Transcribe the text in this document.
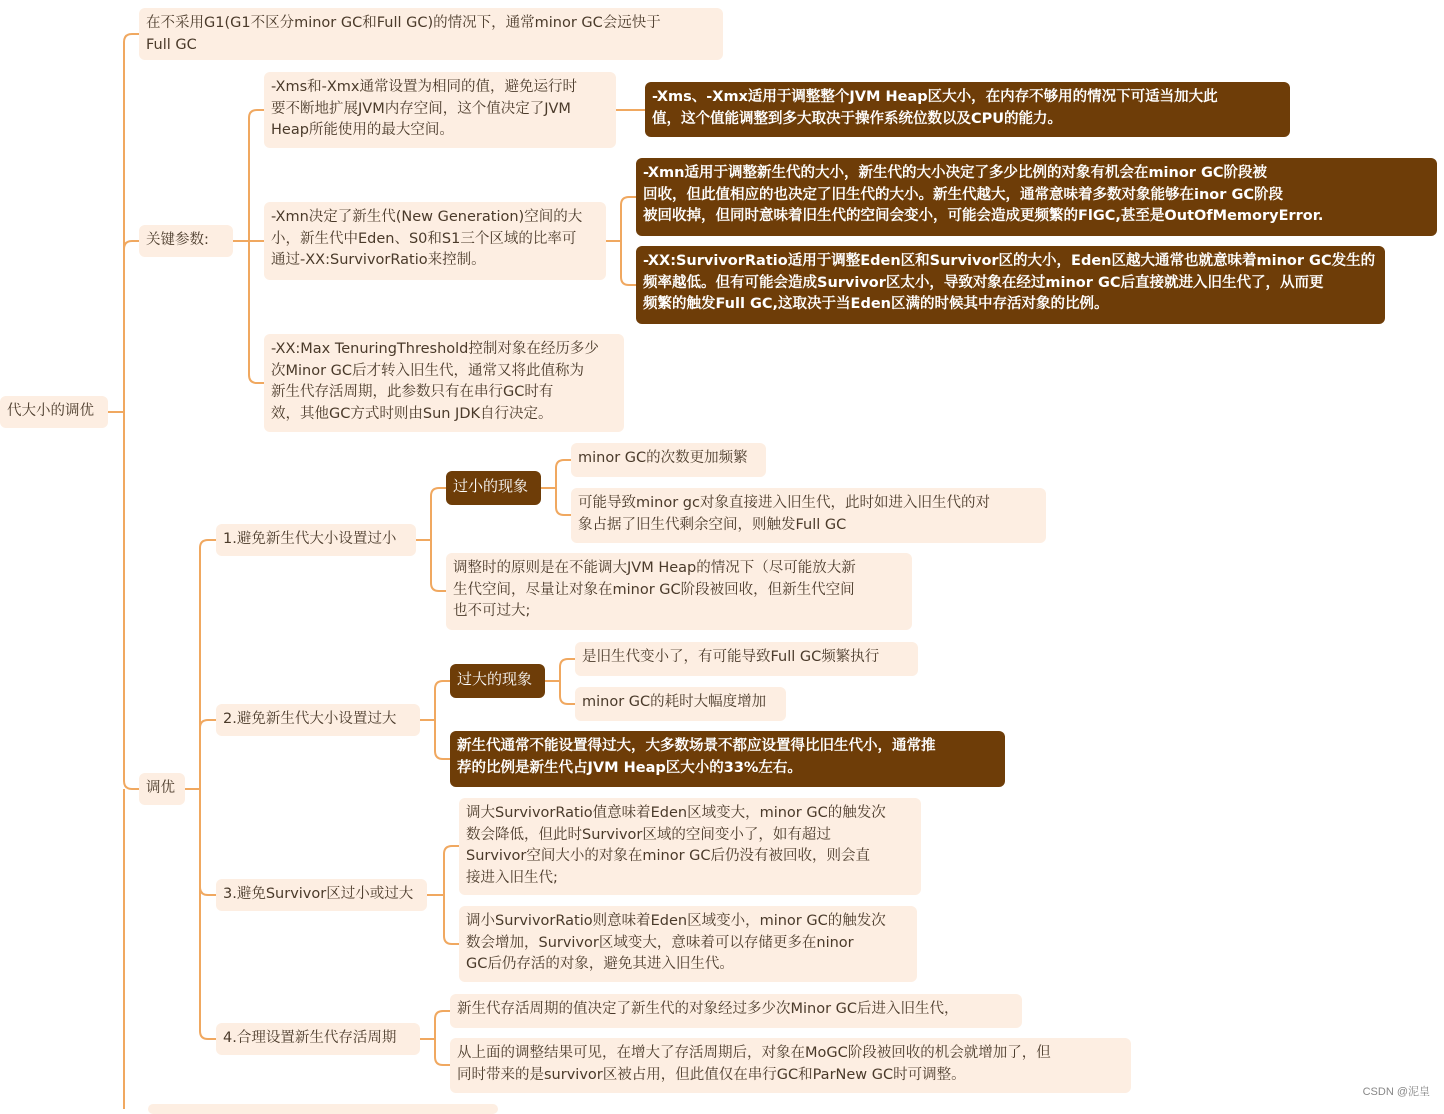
代大小的调优
在不采用G1(G1不区分minor GC和Full GC)的情况下，通常minor GC会远快于
Full GC
关键参数:
-Xms和-Xmx通常设置为相同的值，避免运行时
要不断地扩展JVM内存空间，这个值决定了JVM
Heap所能使用的最大空间。
-Xms、-Xmx适用于调整整个JVM Heap区大小，在内存不够用的情况下可适当加大此
值，这个值能调整到多大取决于操作系统位数以及CPU的能力。
-Xmn决定了新生代(New Generation)空间的大
小，新生代中Eden、S0和S1三个区域的比率可
通过-XX:SurvivorRatio来控制。
-Xmn适用于调整新生代的大小，新生代的大小决定了多少比例的对象有机会在minor GC阶段被
回收，但此值相应的也决定了旧生代的大小。新生代越大，通常意味着多数对象能够在inor GC阶段
被回收掉，但同时意味着旧生代的空间会变小，可能会造成更频繁的FlGC,甚至是OutOfMemoryError.
-XX:SurvivorRatio适用于调整Eden区和Survivor区的大小，Eden区越大通常也就意味着minor GC发生的
频率越低。但有可能会造成Survivor区太小，导致对象在经过minor GC后直接就进入旧生代了，从而更
频繁的触发Full GC,这取决于当Eden区满的时候其中存活对象的比例。
-XX:Max TenuringThreshold控制对象在经历多少
次Minor GC后才转入旧生代，通常又将此值称为
新生代存活周期，此参数只有在串行GC时有
效，其他GC方式时则由Sun JDK自行决定。
调优
1.避免新生代大小设置过小
过小的现象
minor GC的次数更加频繁
可能导致minor gc对象直接进入旧生代，此时如进入旧生代的对
象占据了旧生代剩余空间，则触发Full GC
调整时的原则是在不能调大JVM Heap的情况下（尽可能放大新
生代空间，尽量让对象在minor GC阶段被回收，但新生代空间
也不可过大;
2.避免新生代大小设置过大
过大的现象
是旧生代变小了，有可能导致Full GC频繁执行
minor GC的耗时大幅度增加
新生代通常不能设置得过大，大多数场景不都应设置得比旧生代小，通常推
荐的比例是新生代占JVM Heap区大小的33%左右。
3.避免Survivor区过小或过大
调大SurvivorRatio值意味着Eden区域变大，minor GC的触发次
数会降低，但此时Survivor区域的空间变小了，如有超过
Survivor空间大小的对象在minor GC后仍没有被回收，则会直
接进入旧生代;
调小SurvivorRatio则意味着Eden区域变小，minor GC的触发次
数会增加，Survivor区域变大，意味着可以存储更多在ninor
GC后仍存活的对象，避免其进入旧生代。
4.合理设置新生代存活周期
新生代存活周期的值决定了新生代的对象经过多少次Minor GC后进入旧生代，
从上面的调整结果可见，在增大了存活周期后，对象在MoGC阶段被回收的机会就增加了，但
同时带来的是survivor区被占用，但此值仅在串行GC和ParNew GC时可调整。
CSDN @泥皇
